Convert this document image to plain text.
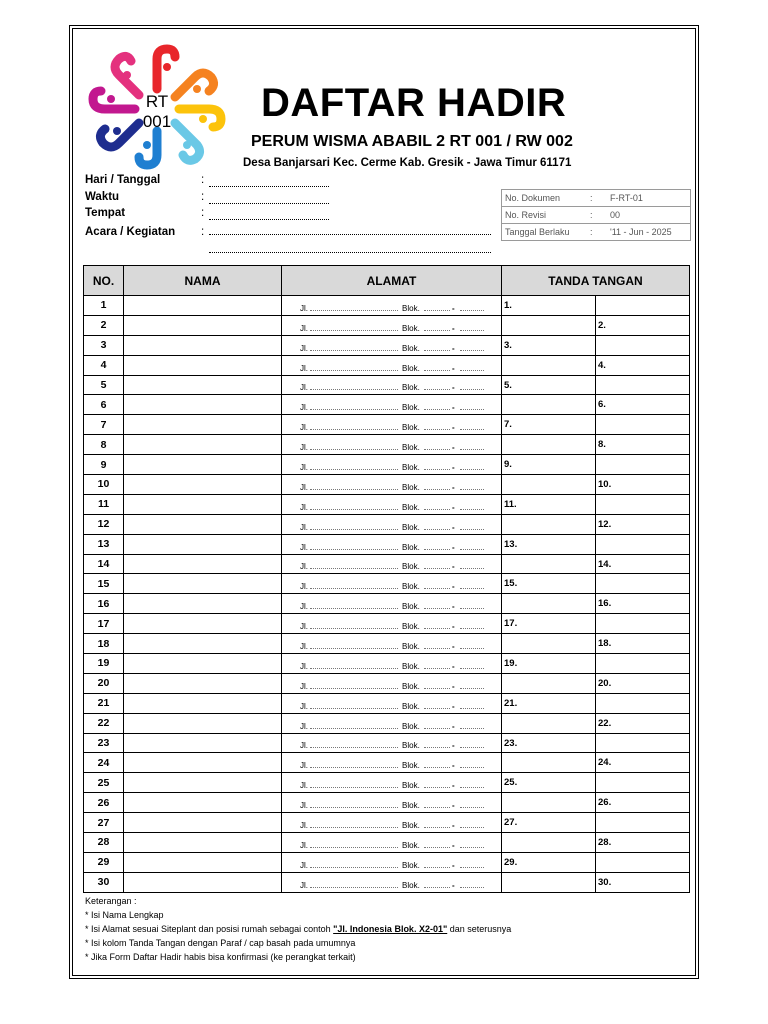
RT
001 DAFTAR HADIR
PERUM WISMA ABABIL 2 RT 001 / RW 002
Desa Banjarsari Kec. Cerme Kab. Gresik - Jawa Timur 61171
Hari / Tanggal	:
Waktu	:
Tempat	:
Acara / Kegiatan :
No. Dokumen	: F-RT-01
No. Revisi	: 00
Tanggal Berlaku : '11 - Jun - 2025
NO.	NAMA	ALAMAT	TANDA TANGAN	
1		Jl. Blok. -	1.	
2		Jl. Blok. -		2.
3		Jl. Blok. -	3.	
4		Jl. Blok. -		4.
5		Jl. Blok. -	5.	
6		Jl. Blok. -		6.
7		Jl. Blok. -	7.	
8		Jl. Blok. -		8.
9		Jl. Blok. -	9.	
10		Jl. Blok. -		10.
11		Jl. Blok. -	11.	
12		Jl. Blok. -		12.
13		Jl. Blok. -	13.	
14		Jl. Blok. -		14.
15		Jl. Blok. -	15.	
16		Jl. Blok. -		16.
17		Jl. Blok. -	17.	
18		Jl. Blok. -		18.
19		Jl. Blok. -	19.	
20		Jl. Blok. -		20.
21		Jl. Blok. -	21.	
22		Jl. Blok. -		22.
23		Jl. Blok. -	23.	
24		Jl. Blok. -		24.
25		Jl. Blok. -	25.	
26		Jl. Blok. -		26.
27		Jl. Blok. -	27.	
28		Jl. Blok. -		28.
29		Jl. Blok. -	29.	
30		Jl. Blok. -		30.
Keterangan :
* Isi Nama Lengkap
* Isi Alamat sesuai Siteplant dan posisi rumah sebagai contoh "Jl. Indonesia Blok. X2-01" dan seterusnya
* Isi kolom Tanda Tangan dengan Paraf / cap basah pada umumnya
* Jika Form Daftar Hadir habis bisa konfirmasi (ke perangkat terkait)
